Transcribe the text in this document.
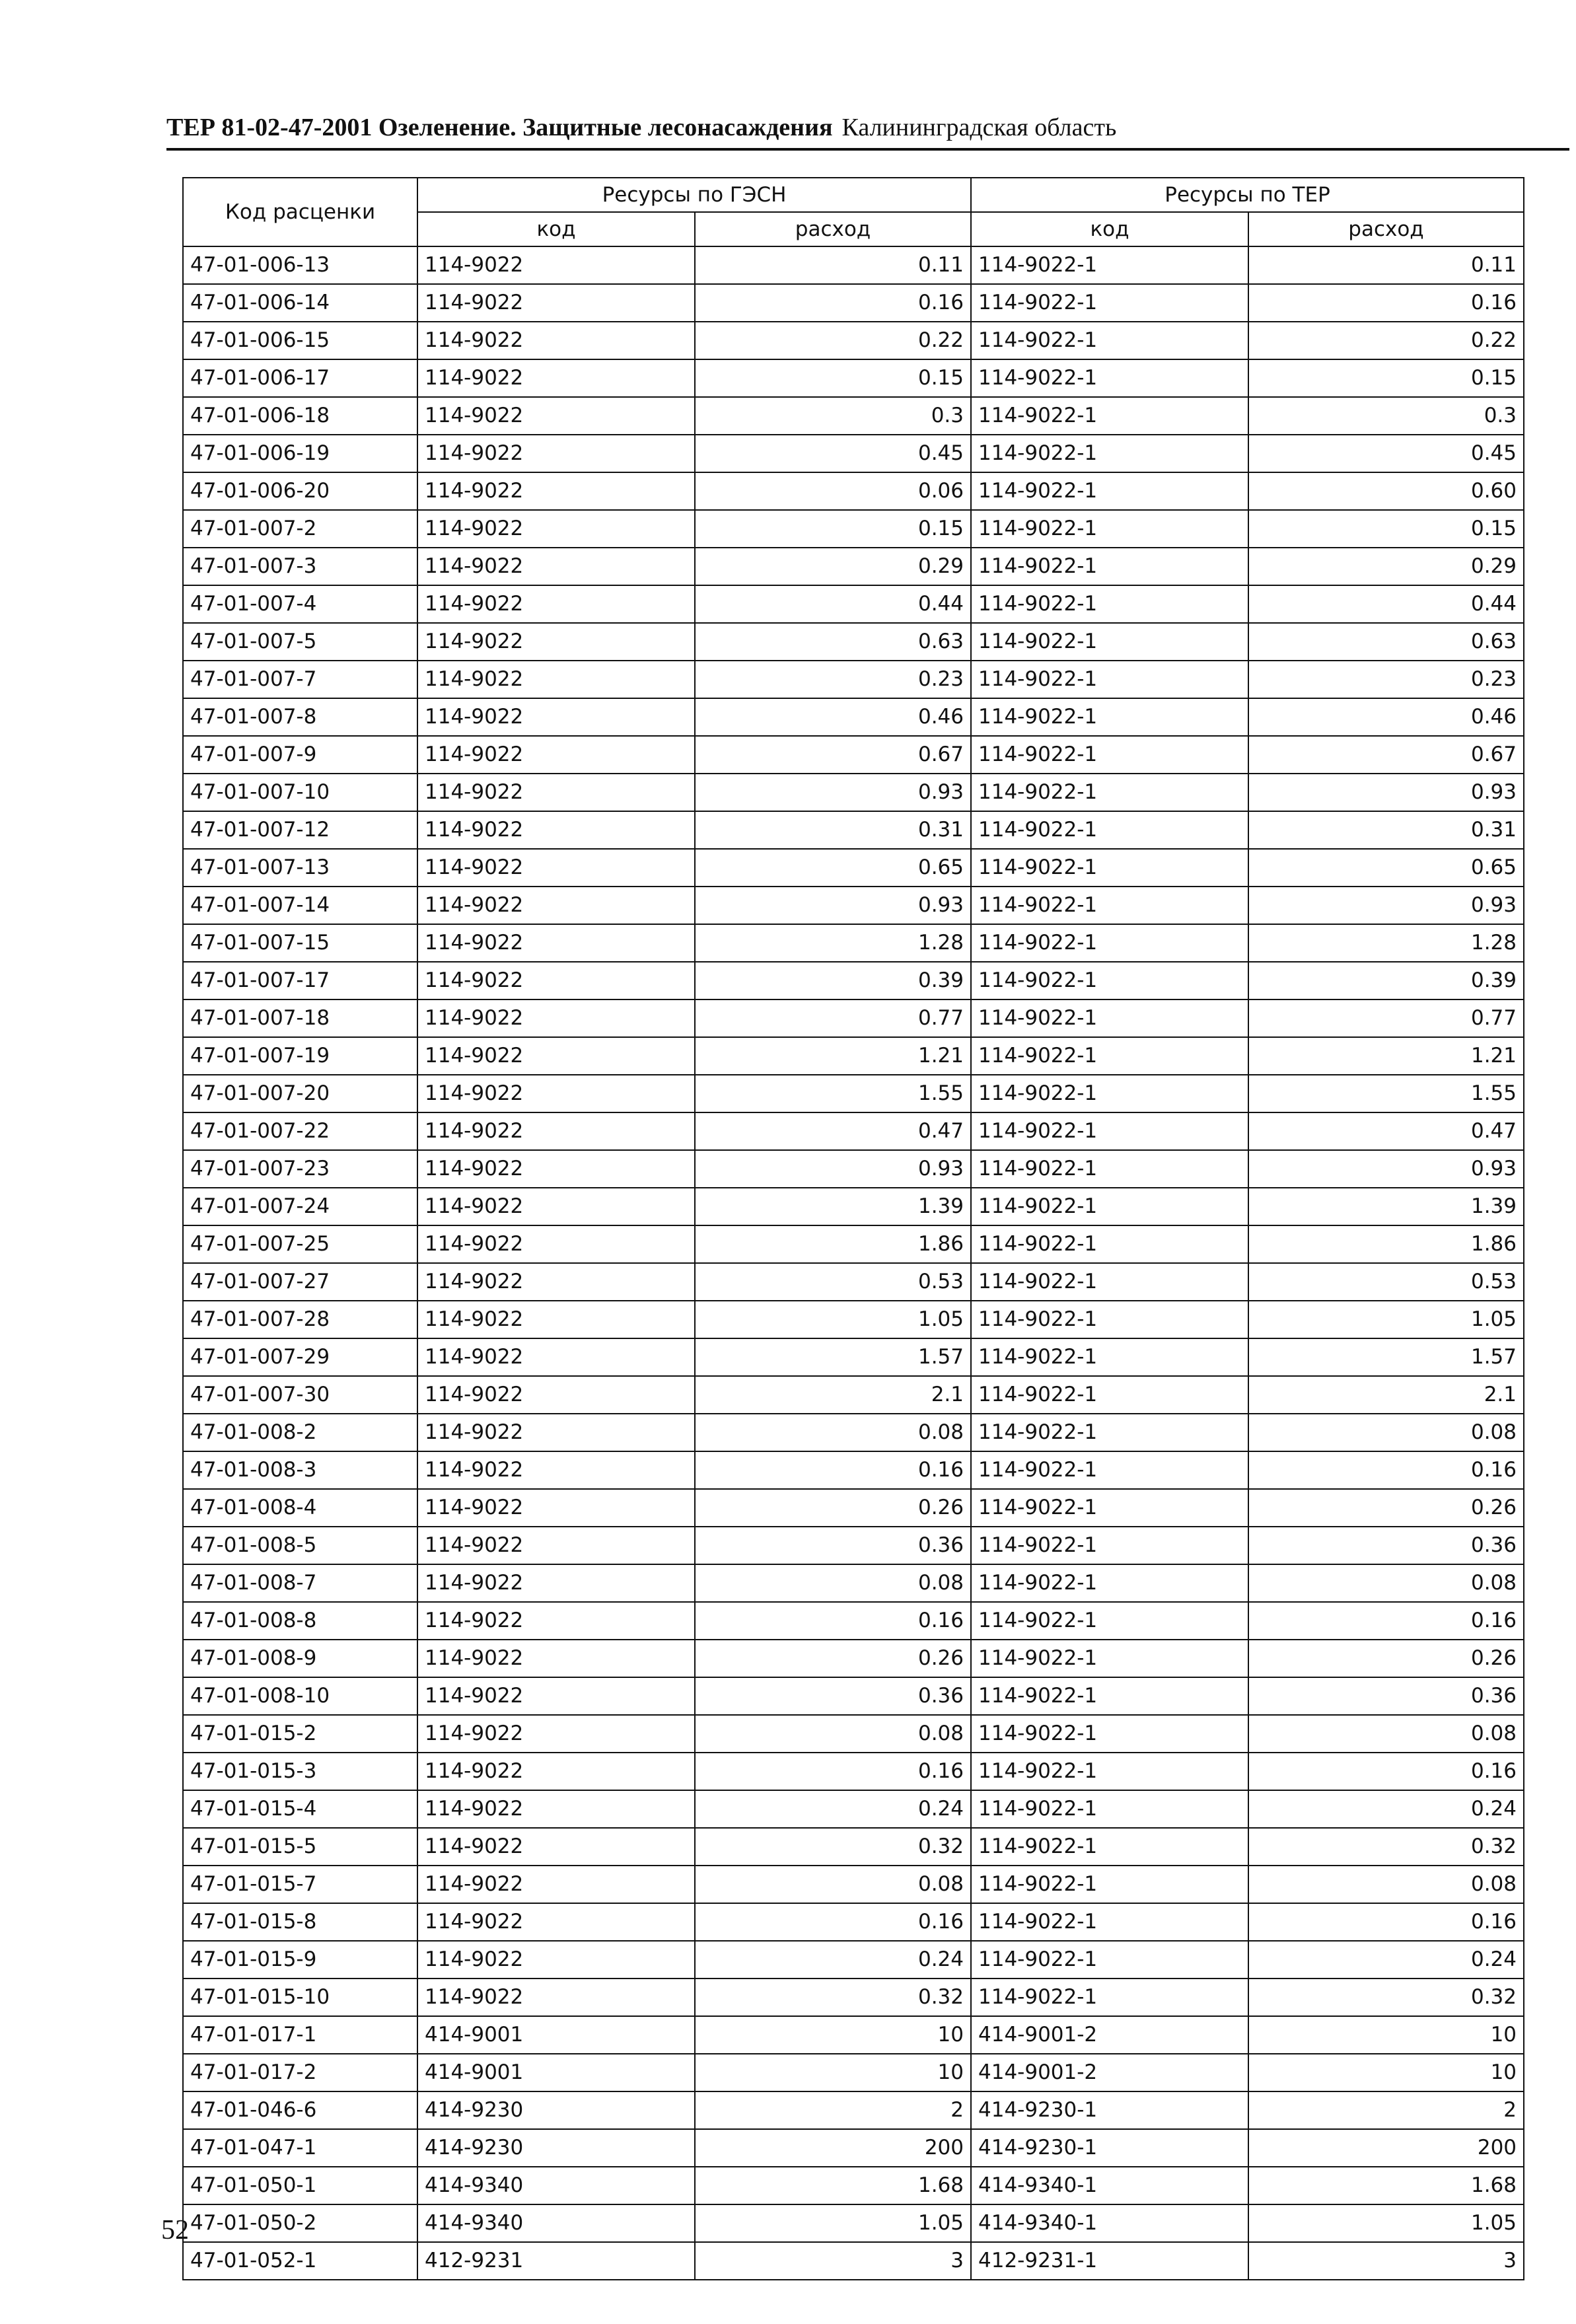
ТЕР 81-02-47-2001 Озеленение. Защитные лесонасаждения Калининградская область
Код расценки	Ресурсы по ГЭСН		Ресурсы по ТЕР	
	код	расход	код	расход
47-01-006-13	114-9022	0.11	114-9022-1	0.11
47-01-006-14	114-9022	0.16	114-9022-1	0.16
47-01-006-15	114-9022	0.22	114-9022-1	0.22
47-01-006-17	114-9022	0.15	114-9022-1	0.15
47-01-006-18	114-9022	0.3	114-9022-1	0.3
47-01-006-19	114-9022	0.45	114-9022-1	0.45
47-01-006-20	114-9022	0.06	114-9022-1	0.60
47-01-007-2	114-9022	0.15	114-9022-1	0.15
47-01-007-3	114-9022	0.29	114-9022-1	0.29
47-01-007-4	114-9022	0.44	114-9022-1	0.44
47-01-007-5	114-9022	0.63	114-9022-1	0.63
47-01-007-7	114-9022	0.23	114-9022-1	0.23
47-01-007-8	114-9022	0.46	114-9022-1	0.46
47-01-007-9	114-9022	0.67	114-9022-1	0.67
47-01-007-10	114-9022	0.93	114-9022-1	0.93
47-01-007-12	114-9022	0.31	114-9022-1	0.31
47-01-007-13	114-9022	0.65	114-9022-1	0.65
47-01-007-14	114-9022	0.93	114-9022-1	0.93
47-01-007-15	114-9022	1.28	114-9022-1	1.28
47-01-007-17	114-9022	0.39	114-9022-1	0.39
47-01-007-18	114-9022	0.77	114-9022-1	0.77
47-01-007-19	114-9022	1.21	114-9022-1	1.21
47-01-007-20	114-9022	1.55	114-9022-1	1.55
47-01-007-22	114-9022	0.47	114-9022-1	0.47
47-01-007-23	114-9022	0.93	114-9022-1	0.93
47-01-007-24	114-9022	1.39	114-9022-1	1.39
47-01-007-25	114-9022	1.86	114-9022-1	1.86
47-01-007-27	114-9022	0.53	114-9022-1	0.53
47-01-007-28	114-9022	1.05	114-9022-1	1.05
47-01-007-29	114-9022	1.57	114-9022-1	1.57
47-01-007-30	114-9022	2.1	114-9022-1	2.1
47-01-008-2	114-9022	0.08	114-9022-1	0.08
47-01-008-3	114-9022	0.16	114-9022-1	0.16
47-01-008-4	114-9022	0.26	114-9022-1	0.26
47-01-008-5	114-9022	0.36	114-9022-1	0.36
47-01-008-7	114-9022	0.08	114-9022-1	0.08
47-01-008-8	114-9022	0.16	114-9022-1	0.16
47-01-008-9	114-9022	0.26	114-9022-1	0.26
47-01-008-10	114-9022	0.36	114-9022-1	0.36
47-01-015-2	114-9022	0.08	114-9022-1	0.08
47-01-015-3	114-9022	0.16	114-9022-1	0.16
47-01-015-4	114-9022	0.24	114-9022-1	0.24
47-01-015-5	114-9022	0.32	114-9022-1	0.32
47-01-015-7	114-9022	0.08	114-9022-1	0.08
47-01-015-8	114-9022	0.16	114-9022-1	0.16
47-01-015-9	114-9022	0.24	114-9022-1	0.24
47-01-015-10	114-9022	0.32	114-9022-1	0.32
47-01-017-1	414-9001	10	414-9001-2	10
47-01-017-2	414-9001	10	414-9001-2	10
47-01-046-6	414-9230	2	414-9230-1	2
47-01-047-1	414-9230	200	414-9230-1	200
47-01-050-1	414-9340	1.68	414-9340-1	1.68
47-01-050-2	414-9340	1.05	414-9340-1	1.05
47-01-052-1	412-9231	3	412-9231-1	3
52
